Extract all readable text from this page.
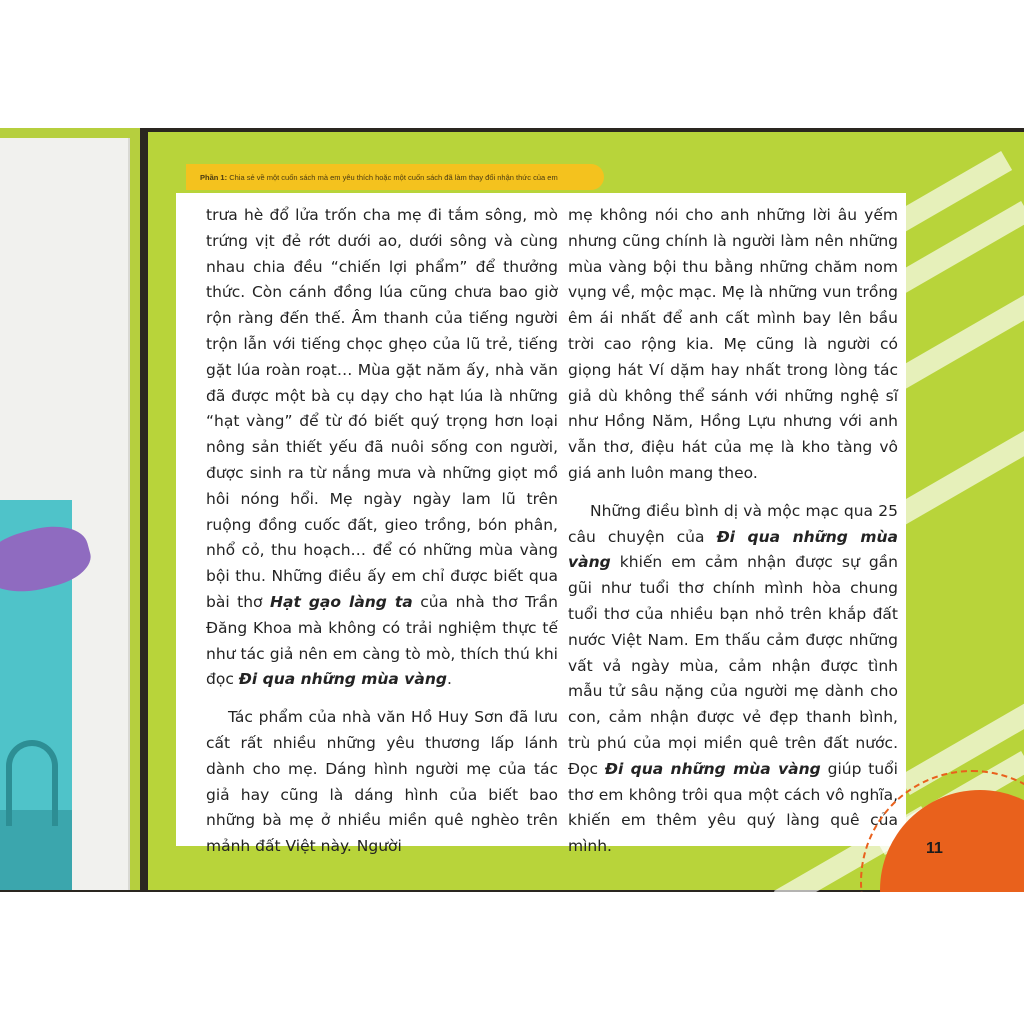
Phần 1: Chia sẻ về một cuốn sách mà em yêu thích hoặc một cuốn sách đã làm thay đổi nhận thức của em

trưa hè đổ lửa trốn cha mẹ đi tắm sông, mò trứng vịt đẻ rớt dưới ao, dưới sông và cùng nhau chia đều “chiến lợi phẩm” để thưởng thức. Còn cánh đồng lúa cũng chưa bao giờ rộn ràng đến thế. Âm thanh của tiếng người trộn lẫn với tiếng chọc ghẹo của lũ trẻ, tiếng gặt lúa roàn roạt… Mùa gặt năm ấy, nhà văn đã được một bà cụ dạy cho hạt lúa là những “hạt vàng” để từ đó biết quý trọng hơn loại nông sản thiết yếu đã nuôi sống con người, được sinh ra từ nắng mưa và những giọt mồ hôi nóng hổi. Mẹ ngày ngày lam lũ trên ruộng đồng cuốc đất, gieo trồng, bón phân, nhổ cỏ, thu hoạch… để có những mùa vàng bội thu. Những điều ấy em chỉ được biết qua bài thơ Hạt gạo làng ta của nhà thơ Trần Đăng Khoa mà không có trải nghiệm thực tế như tác giả nên em càng tò mò, thích thú khi đọc Đi qua những mùa vàng.

Tác phẩm của nhà văn Hồ Huy Sơn đã lưu cất rất nhiều những yêu thương lấp lánh dành cho mẹ. Dáng hình người mẹ của tác giả hay cũng là dáng hình của biết bao những bà mẹ ở nhiều miền quê nghèo trên mảnh đất Việt này. Người

mẹ không nói cho anh những lời âu yếm nhưng cũng chính là người làm nên những mùa vàng bội thu bằng những chăm nom vụng về, mộc mạc. Mẹ là những vun trồng êm ái nhất để anh cất mình bay lên bầu trời cao rộng kia. Mẹ cũng là người có giọng hát Ví dặm hay nhất trong lòng tác giả dù không thể sánh với những nghệ sĩ như Hồng Năm, Hồng Lựu nhưng với anh vẫn thơ, điệu hát của mẹ là kho tàng vô giá anh luôn mang theo.

Những điều bình dị và mộc mạc qua 25 câu chuyện của Đi qua những mùa vàng khiến em cảm nhận được sự gần gũi như tuổi thơ chính mình hòa chung tuổi thơ của nhiều bạn nhỏ trên khắp đất nước Việt Nam. Em thấu cảm được những vất vả ngày mùa, cảm nhận được tình mẫu tử sâu nặng của người mẹ dành cho con, cảm nhận được vẻ đẹp thanh bình, trù phú của mọi miền quê trên đất nước. Đọc Đi qua những mùa vàng giúp tuổi thơ em không trôi qua một cách vô nghĩa, khiến em thêm yêu quý làng quê của mình.	11
